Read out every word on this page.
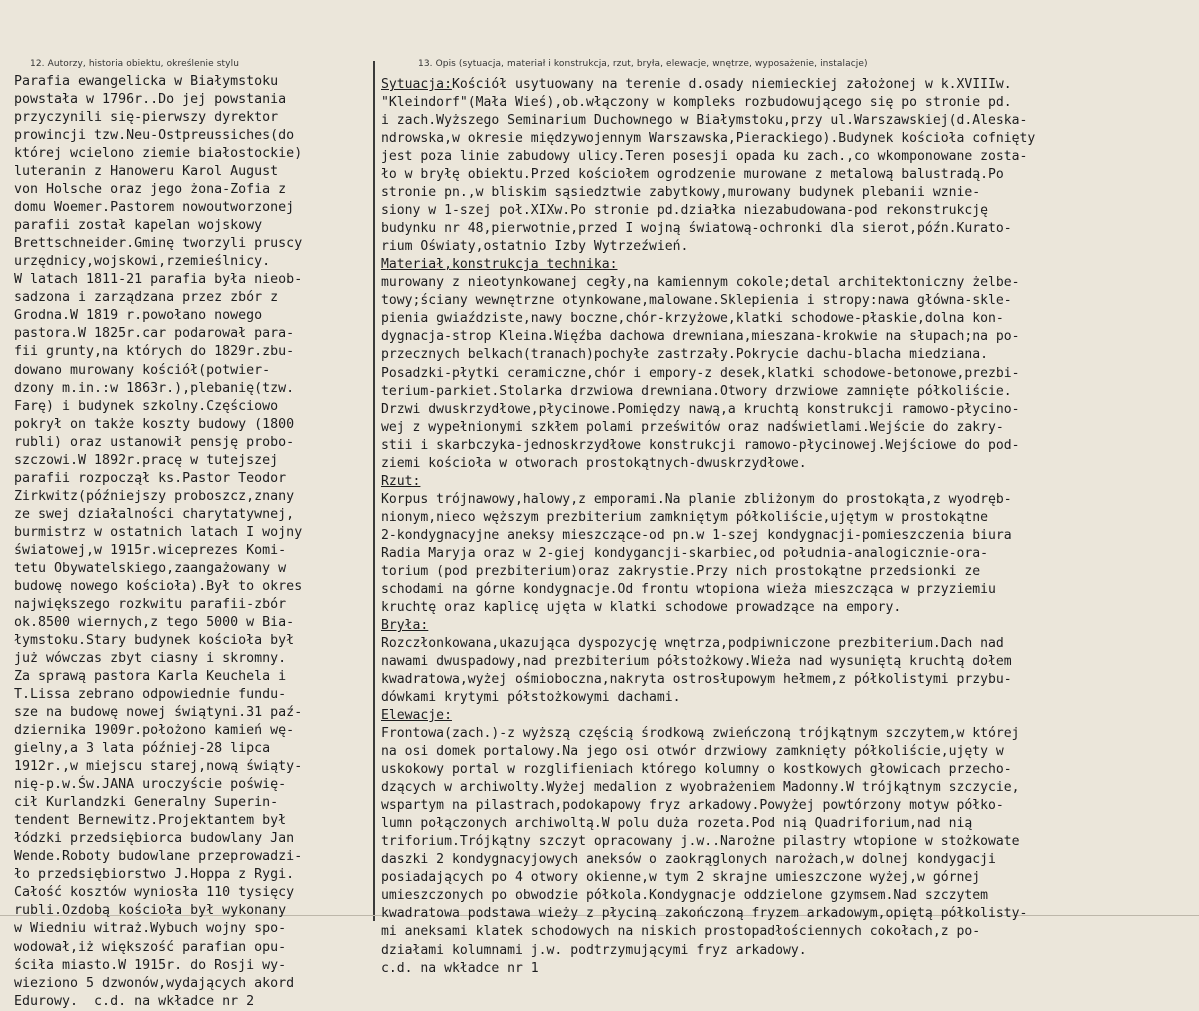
12. Autorzy, historia obiektu, określenie stylu	13. Opis (sytuacja, materiał i konstrukcja, rzut, bryła, elewacje, wnętrze, wyposażenie, instalacje)
Parafia ewangelicka w Białymstoku
powstała w 1796r..Do jej powstania
przyczynili się-pierwszy dyrektor
prowincji tzw.Neu-Ostpreussiches(do
której wcielono ziemie białostockie)
luteranin z Hanoweru Karol August
von Holsche oraz jego żona-Zofia z
domu Woemer.Pastorem nowoutworzonej
parafii został kapelan wojskowy
Brettschneider.Gminę tworzyli pruscy
urzędnicy,wojskowi,rzemieślnicy.
W latach 1811-21 parafia była nieob-
sadzona i zarządzana przez zbór z
Grodna.W 1819 r.powołano nowego
pastora.W 1825r.car podarował para-
fii grunty,na których do 1829r.zbu-
dowano murowany kościół(potwier-
dzony m.in.:w 1863r.),plebanię(tzw.
Farę) i budynek szkolny.Częściowo
pokrył on także koszty budowy (1800
rubli) oraz ustanowił pensję probo-
szczowi.W 1892r.pracę w tutejszej
parafii rozpoczął ks.Pastor Teodor
Zirkwitz(późniejszy proboszcz,znany
ze swej działalności charytatywnej,
burmistrz w ostatnich latach I wojny
światowej,w 1915r.wiceprezes Komi-
tetu Obywatelskiego,zaangażowany w
budowę nowego kościoła).Był to okres
największego rozkwitu parafii-zbór
ok.8500 wiernych,z tego 5000 w Bia-
łymstoku.Stary budynek kościoła był
już wówczas zbyt ciasny i skromny.
Za sprawą pastora Karla Keuchela i
T.Lissa zebrano odpowiednie fundu-
sze na budowę nowej świątyni.31 paź-
dziernika 1909r.położono kamień wę-
gielny,a 3 lata później-28 lipca
1912r.,w miejscu starej,nową świąty-
nię-p.w.Św.JANA uroczyście poświę-
cił Kurlandzki Generalny Superin-
tendent Bernewitz.Projektantem był
łódzki przedsiębiorca budowlany Jan
Wende.Roboty budowlane przeprowadzi-
ło przedsiębiorstwo J.Hoppa z Rygi.
Całość kosztów wyniosła 110 tysięcy
rubli.Ozdobą kościoła był wykonany
w Wiedniu witraż.Wybuch wojny spo-
wodował,iż większość parafian opu-
ściła miasto.W 1915r. do Rosji wy-
wieziono 5 dzwonów,wydających akord
Edurowy.  c.d. na wkładce nr 2
Sytuacja:Kościół usytuowany na terenie d.osady niemieckiej założonej w k.XVIIIw.
"Kleindorf"(Mała Wieś),ob.włączony w kompleks rozbudowującego się po stronie pd.
i zach.Wyższego Seminarium Duchownego w Białymstoku,przy ul.Warszawskiej(d.Aleska-
ndrowska,w okresie międzywojennym Warszawska,Pierackiego).Budynek kościoła cofnięty
jest poza linie zabudowy ulicy.Teren posesji opada ku zach.,co wkomponowane zosta-
ło w bryłę obiektu.Przed kościołem ogrodzenie murowane z metalową balustradą.Po
stronie pn.,w bliskim sąsiedztwie zabytkowy,murowany budynek plebanii wznie-
siony w 1-szej poł.XIXw.Po stronie pd.działka niezabudowana-pod rekonstrukcję
budynku nr 48,pierwotnie,przed I wojną światową-ochronki dla sierot,późn.Kurato-
rium Oświaty,ostatnio Izby Wytrzeźwień.
Materiał,konstrukcja technika:
murowany z nieotynkowanej cegły,na kamiennym cokole;detal architektoniczny żelbe-
towy;ściany wewnętrzne otynkowane,malowane.Sklepienia i stropy:nawa główna-skle-
pienia gwiaździste,nawy boczne,chór-krzyżowe,klatki schodowe-płaskie,dolna kon-
dygnacja-strop Kleina.Więźba dachowa drewniana,mieszana-krokwie na słupach;na po-
przecznych belkach(tranach)pochyłe zastrzały.Pokrycie dachu-blacha miedziana.
Posadzki-płytki ceramiczne,chór i empory-z desek,klatki schodowe-betonowe,prezbi-
terium-parkiet.Stolarka drzwiowa drewniana.Otwory drzwiowe zamnięte półkoliście.
Drzwi dwuskrzydłowe,płycinowe.Pomiędzy nawą,a kruchtą konstrukcji ramowo-płycino-
wej z wypełnionymi szkłem polami prześwitów oraz nadświetlami.Wejście do zakry-
stii i skarbczyka-jednoskrzydłowe konstrukcji ramowo-płycinowej.Wejściowe do pod-
ziemi kościoła w otworach prostokątnych-dwuskrzydłowe.
Rzut:
Korpus trójnawowy,halowy,z emporami.Na planie zbliżonym do prostokąta,z wyodręb-
nionym,nieco węższym prezbiterium zamkniętym półkoliście,ujętym w prostokątne
2-kondygnacyjne aneksy mieszczące-od pn.w 1-szej kondygnacji-pomieszczenia biura
Radia Maryja oraz w 2-giej kondygancji-skarbiec,od południa-analogicznie-ora-
torium (pod prezbiterium)oraz zakrystie.Przy nich prostokątne przedsionki ze
schodami na górne kondygnacje.Od frontu wtopiona wieża mieszcząca w przyziemiu
kruchtę oraz kaplicę ujęta w klatki schodowe prowadzące na empory.
Bryła:
Rozczłonkowana,ukazująca dyspozycję wnętrza,podpiwniczone prezbiterium.Dach nad
nawami dwuspadowy,nad prezbiterium półstożkowy.Wieża nad wysuniętą kruchtą dołem
kwadratowa,wyżej ośmioboczna,nakryta ostrosłupowym hełmem,z półkolistymi przybu-
dówkami krytymi półstożkowymi dachami.
Elewacje:
Frontowa(zach.)-z wyższą częścią środkową zwieńczoną trójkątnym szczytem,w której
na osi domek portalowy.Na jego osi otwór drzwiowy zamknięty półkoliście,ujęty w
uskokowy portal w rozglifieniach którego kolumny o kostkowych głowicach przecho-
dzących w archiwolty.Wyżej medalion z wyobrażeniem Madonny.W trójkątnym szczycie,
wspartym na pilastrach,podokapowy fryz arkadowy.Powyżej powtórzony motyw półko-
lumn połączonych archiwoltą.W polu duża rozeta.Pod nią Quadriforium,nad nią
triforium.Trójkątny szczyt opracowany j.w..Narożne pilastry wtopione w stożkowate
daszki 2 kondygnacyjowych aneksów o zaokrąglonych narożach,w dolnej kondygacji
posiadających po 4 otwory okienne,w tym 2 skrajne umieszczone wyżej,w górnej
umieszczonych po obwodzie półkola.Kondygnacje oddzielone gzymsem.Nad szczytem
kwadratowa podstawa wieży z płyciną zakończoną fryzem arkadowym,opiętą półkolisty-
mi aneksami klatek schodowych na niskich prostopadłościennych cokołach,z po-
działami kolumnami j.w. podtrzymującymi fryz arkadowy.
c.d. na wkładce nr 1
